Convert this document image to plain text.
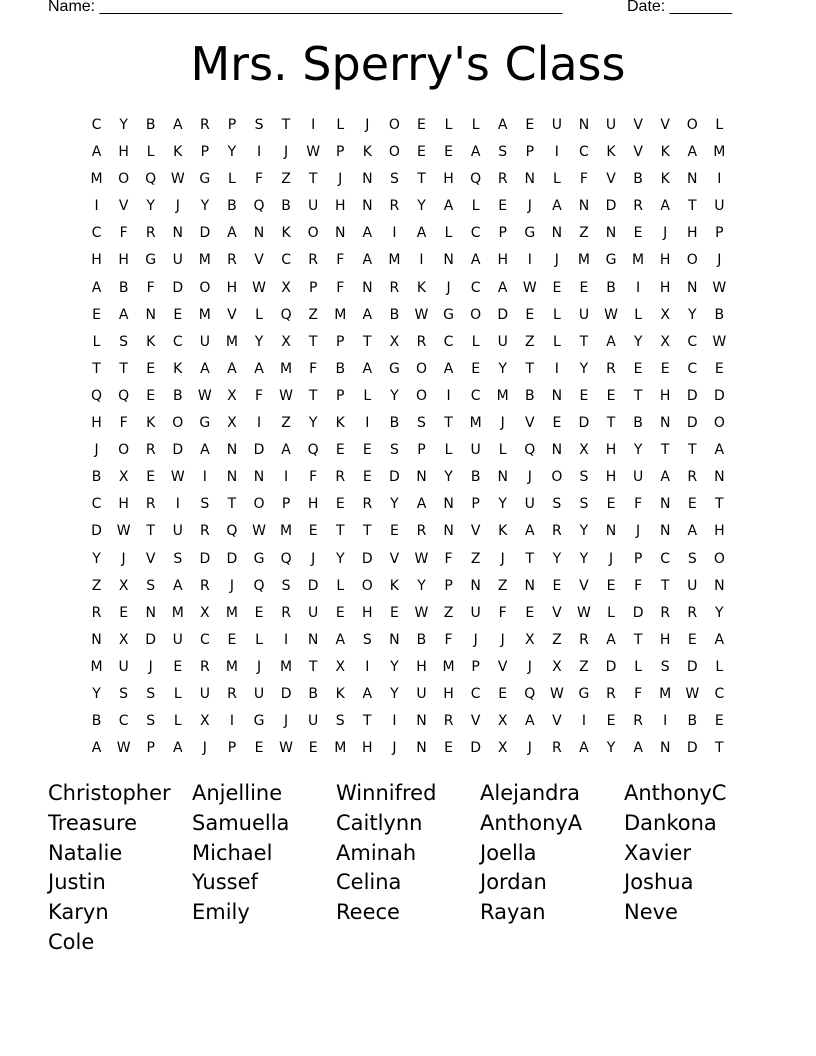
Name: ____________________________________________________	Date: _______
Mrs. Sperry's Class
C	Y	B	A	R	P	S	T	I	L	J	O	E	L	L	A	E	U	N	U	V	V	O	L
A	H	L	K	P	Y	I	J	W	P	K	O	E	E	A	S	P	I	C	K	V	K	A	M
M	O	Q	W	G	L	F	Z	T	J	N	S	T	H	Q	R	N	L	F	V	B	K	N	I
I	V	Y	J	Y	B	Q	B	U	H	N	R	Y	A	L	E	J	A	N	D	R	A	T	U
C	F	R	N	D	A	N	K	O	N	A	I	A	L	C	P	G	N	Z	N	E	J	H	P
H	H	G	U	M	R	V	C	R	F	A	M	I	N	A	H	I	J	M	G	M	H	O	J
A	B	F	D	O	H	W	X	P	F	N	R	K	J	C	A	W	E	E	B	I	H	N	W
E	A	N	E	M	V	L	Q	Z	M	A	B	W	G	O	D	E	L	U	W	L	X	Y	B
L	S	K	C	U	M	Y	X	T	P	T	X	R	C	L	U	Z	L	T	A	Y	X	C	W
T	T	E	K	A	A	A	M	F	B	A	G	O	A	E	Y	T	I	Y	R	E	E	C	E
Q	Q	E	B	W	X	F	W	T	P	L	Y	O	I	C	M	B	N	E	E	T	H	D	D
H	F	K	O	G	X	I	Z	Y	K	I	B	S	T	M	J	V	E	D	T	B	N	D	O
J	O	R	D	A	N	D	A	Q	E	E	S	P	L	U	L	Q	N	X	H	Y	T	T	A
B	X	E	W	I	N	N	I	F	R	E	D	N	Y	B	N	J	O	S	H	U	A	R	N
C	H	R	I	S	T	O	P	H	E	R	Y	A	N	P	Y	U	S	S	E	F	N	E	T
D	W	T	U	R	Q	W	M	E	T	T	E	R	N	V	K	A	R	Y	N	J	N	A	H
Y	J	V	S	D	D	G	Q	J	Y	D	V	W	F	Z	J	T	Y	Y	J	P	C	S	O
Z	X	S	A	R	J	Q	S	D	L	O	K	Y	P	N	Z	N	E	V	E	F	T	U	N
R	E	N	M	X	M	E	R	U	E	H	E	W	Z	U	F	E	V	W	L	D	R	R	Y
N	X	D	U	C	E	L	I	N	A	S	N	B	F	J	J	X	Z	R	A	T	H	E	A
M	U	J	E	R	M	J	M	T	X	I	Y	H	M	P	V	J	X	Z	D	L	S	D	L
Y	S	S	L	U	R	U	D	B	K	A	Y	U	H	C	E	Q	W	G	R	F	M	W	C
B	C	S	L	X	I	G	J	U	S	T	I	N	R	V	X	A	V	I	E	R	I	B	E
A	W	P	A	J	P	E	W	E	M	H	J	N	E	D	X	J	R	A	Y	A	N	D	T
Christopher	Anjelline	Winnifred	Alejandra	AnthonyC
Treasure	Samuella	Caitlynn	AnthonyA	Dankona
Natalie	Michael	Aminah	Joella	Xavier
Justin	Yussef	Celina	Jordan	Joshua
Karyn	Emily	Reece	Rayan	Neve
Cole
